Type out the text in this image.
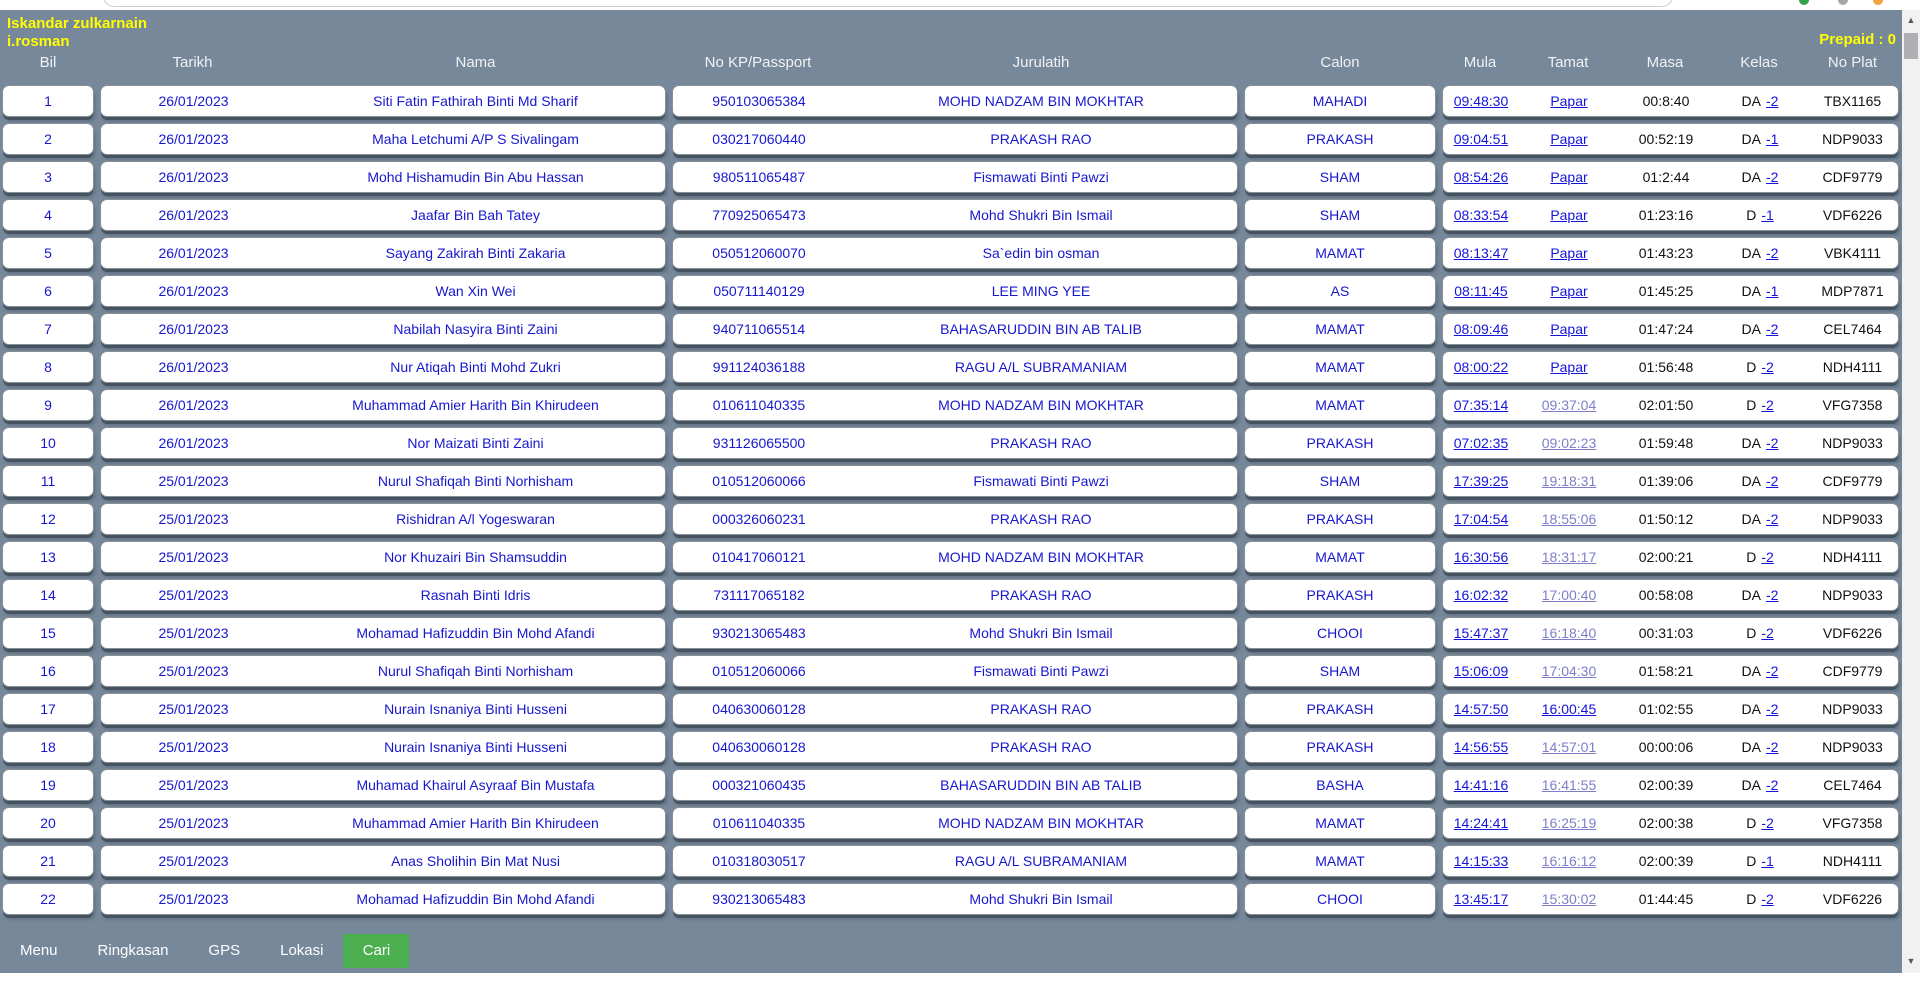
Iskandar zulkarnain
i.rosman	Prepaid : 0
Bil	Tarikh	Nama	No KP/Passport	Jurulatih	Calon	Mula	Tamat	Masa	Kelas	No Plat
1	26/01/2023	Siti Fatin Fathirah Binti Md Sharif	950103065384	MOHD NADZAM BIN MOKHTAR	MAHADI	09:48:30	Papar	00:8:40	DA -2	TBX1165
2	26/01/2023	Maha Letchumi A/P S Sivalingam	030217060440	PRAKASH RAO	PRAKASH	09:04:51	Papar	00:52:19	DA -1	NDP9033
3	26/01/2023	Mohd Hishamudin Bin Abu Hassan	980511065487	Fismawati Binti Pawzi	SHAM	08:54:26	Papar	01:2:44	DA -2	CDF9779
4	26/01/2023	Jaafar Bin Bah Tatey	770925065473	Mohd Shukri Bin Ismail	SHAM	08:33:54	Papar	01:23:16	D -1	VDF6226
5	26/01/2023	Sayang Zakirah Binti Zakaria	050512060070	Sa`edin bin osman	MAMAT	08:13:47	Papar	01:43:23	DA -2	VBK4111
6	26/01/2023	Wan Xin Wei	050711140129	LEE MING YEE	AS	08:11:45	Papar	01:45:25	DA -1	MDP7871
7	26/01/2023	Nabilah Nasyira Binti Zaini	940711065514	BAHASARUDDIN BIN AB TALIB	MAMAT	08:09:46	Papar	01:47:24	DA -2	CEL7464
8	26/01/2023	Nur Atiqah Binti Mohd Zukri	991124036188	RAGU A/L SUBRAMANIAM	MAMAT	08:00:22	Papar	01:56:48	D -2	NDH4111
9	26/01/2023	Muhammad Amier Harith Bin Khirudeen	010611040335	MOHD NADZAM BIN MOKHTAR	MAMAT	07:35:14 09:37:04	02:01:50	D -2	VFG7358
10	26/01/2023	Nor Maizati Binti Zaini	931126065500	PRAKASH RAO	PRAKASH	07:02:35 09:02:23	01:59:48	DA -2	NDP9033
11	25/01/2023	Nurul Shafiqah Binti Norhisham	010512060066	Fismawati Binti Pawzi	SHAM	17:39:25 19:18:31	01:39:06	DA -2	CDF9779
12	25/01/2023	Rishidran A/l Yogeswaran	000326060231	PRAKASH RAO	PRAKASH	17:04:54 18:55:06	01:50:12	DA -2	NDP9033
13	25/01/2023	Nor Khuzairi Bin Shamsuddin	010417060121	MOHD NADZAM BIN MOKHTAR	MAMAT	16:30:56 18:31:17	02:00:21	D -2	NDH4111
14	25/01/2023	Rasnah Binti Idris	731117065182	PRAKASH RAO	PRAKASH	16:02:32 17:00:40	00:58:08	DA -2	NDP9033
15	25/01/2023	Mohamad Hafizuddin Bin Mohd Afandi	930213065483	Mohd Shukri Bin Ismail	CHOOI	15:47:37 16:18:40	00:31:03	D -2	VDF6226
16	25/01/2023	Nurul Shafiqah Binti Norhisham	010512060066	Fismawati Binti Pawzi	SHAM	15:06:09 17:04:30	01:58:21	DA -2	CDF9779
17	25/01/2023	Nurain Isnaniya Binti Husseni	040630060128	PRAKASH RAO	PRAKASH	14:57:50 16:00:45	01:02:55	DA -2	NDP9033
18	25/01/2023	Nurain Isnaniya Binti Husseni	040630060128	PRAKASH RAO	PRAKASH	14:56:55 14:57:01	00:00:06	DA -2	NDP9033
19	25/01/2023	Muhamad Khairul Asyraaf Bin Mustafa	000321060435	BAHASARUDDIN BIN AB TALIB	BASHA	14:41:16 16:41:55	02:00:39	DA -2	CEL7464
20	25/01/2023	Muhammad Amier Harith Bin Khirudeen	010611040335	MOHD NADZAM BIN MOKHTAR	MAMAT	14:24:41 16:25:19	02:00:38	D -2	VFG7358
21	25/01/2023	Anas Sholihin Bin Mat Nusi	010318030517	RAGU A/L SUBRAMANIAM	MAMAT	14:15:33 16:16:12	02:00:39	D -1	NDH4111
22	25/01/2023	Mohamad Hafizuddin Bin Mohd Afandi	930213065483	Mohd Shukri Bin Ismail	CHOOI	13:45:17 15:30:02	01:44:45	D -2	VDF6226
Menu	Ringkasan	GPS	Lokasi	Cari
▲
▼
